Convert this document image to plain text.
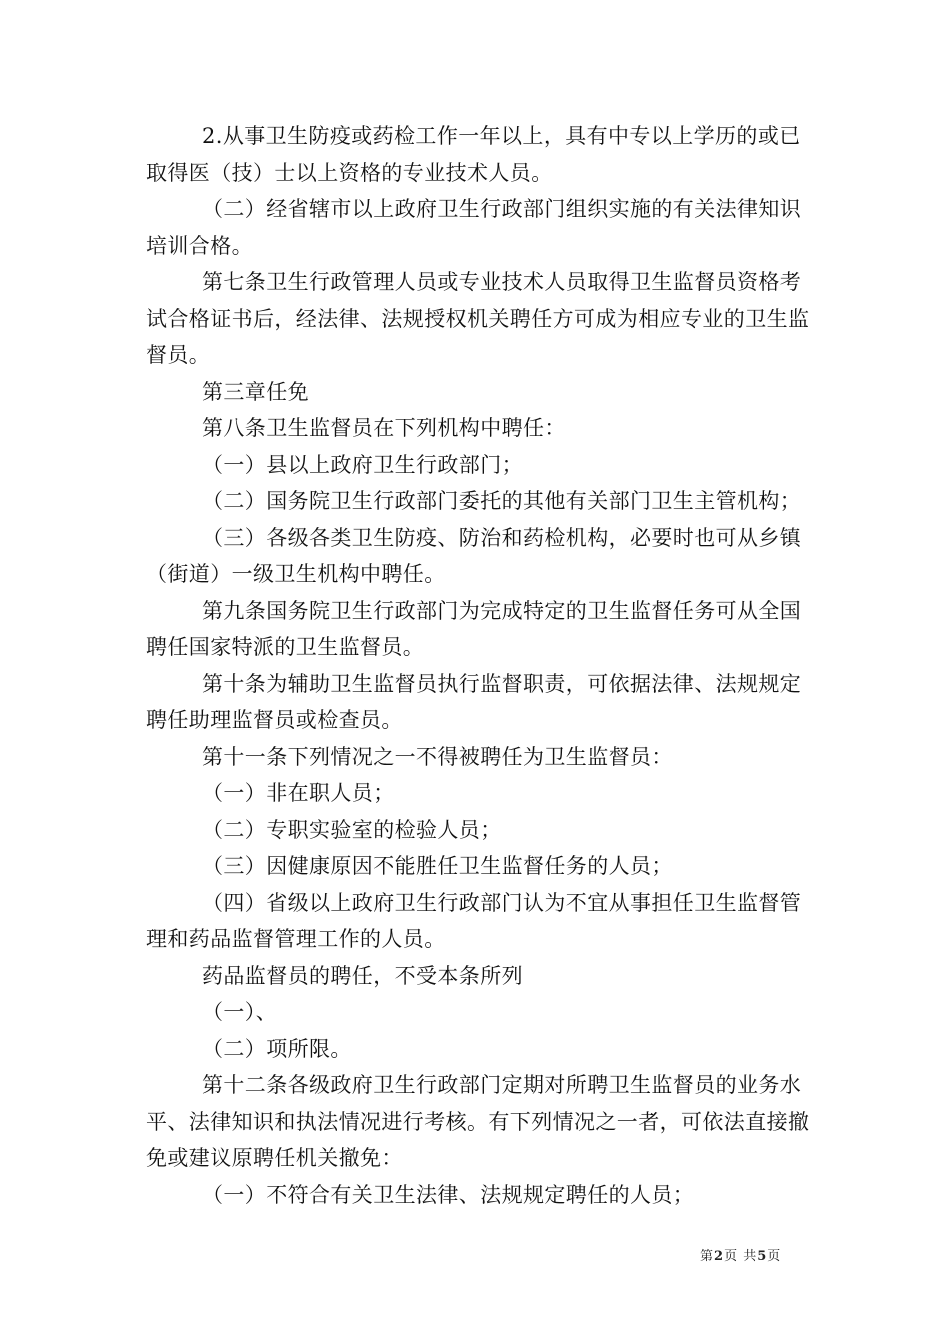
2.从事卫生防疫或药检工作一年以上，具有中专以上学历的或已取得医（技）士以上资格的专业技术人员。

（二）经省辖市以上政府卫生行政部门组织实施的有关法律知识培训合格。

第七条卫生行政管理人员或专业技术人员取得卫生监督员资格考试合格证书后，经法律、法规授权机关聘任方可成为相应专业的卫生监督员。

第三章任免

第八条卫生监督员在下列机构中聘任：

（一）县以上政府卫生行政部门；

（二）国务院卫生行政部门委托的其他有关部门卫生主管机构；

（三）各级各类卫生防疫、防治和药检机构，必要时也可从乡镇（街道）一级卫生机构中聘任。

第九条国务院卫生行政部门为完成特定的卫生监督任务可从全国聘任国家特派的卫生监督员。

第十条为辅助卫生监督员执行监督职责，可依据法律、法规规定聘任助理监督员或检查员。

第十一条下列情况之一不得被聘任为卫生监督员：

（一）非在职人员；

（二）专职实验室的检验人员；

（三）因健康原因不能胜任卫生监督任务的人员；

（四）省级以上政府卫生行政部门认为不宜从事担任卫生监督管理和药品监督管理工作的人员。

药品监督员的聘任，不受本条所列

（一）、

（二）项所限。

第十二条各级政府卫生行政部门定期对所聘卫生监督员的业务水平、法律知识和执法情况进行考核。有下列情况之一者，可依法直接撤免或建议原聘任机关撤免：

（一）不符合有关卫生法律、法规规定聘任的人员；

第2页 共5页
